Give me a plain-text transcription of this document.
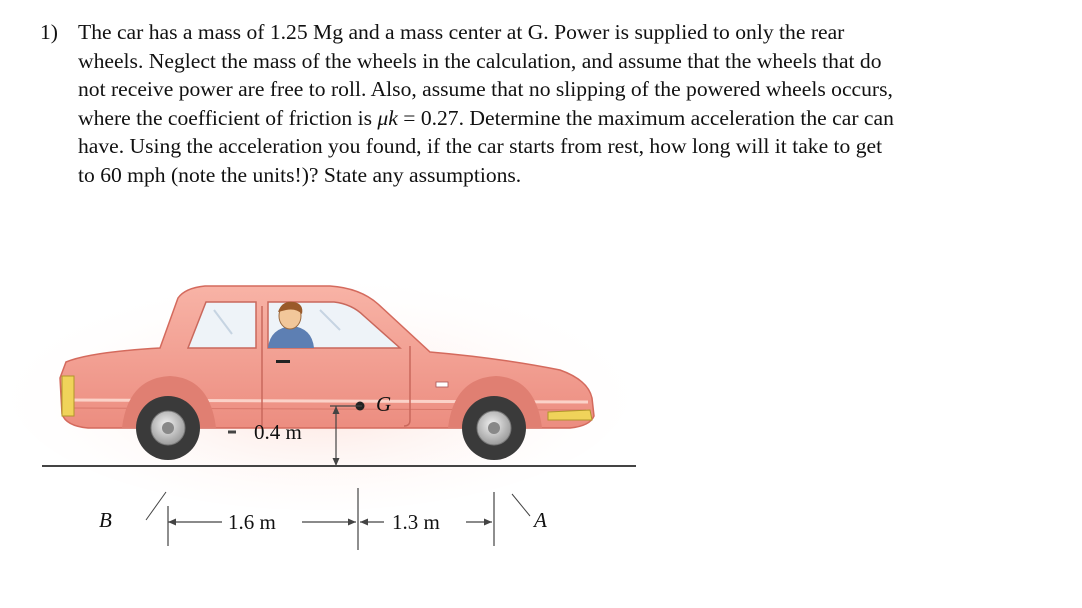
1) The car has a mass of 1.25 Mg and a mass center at G. Power is supplied to only the rear
wheels. Neglect the mass of the wheels in the calculation, and assume that the wheels that do
not receive power are free to roll. Also, assume that no slipping of the powered wheels occurs,
where the coefficient of friction is μk = 0.27. Determine the maximum acceleration the car can
have. Using the acceleration you found, if the car starts from rest, how long will it take to get
to 60 mph (note the units!)? State any assumptions.
B	A
G
0.4 m
1.6 m	1.3 m
